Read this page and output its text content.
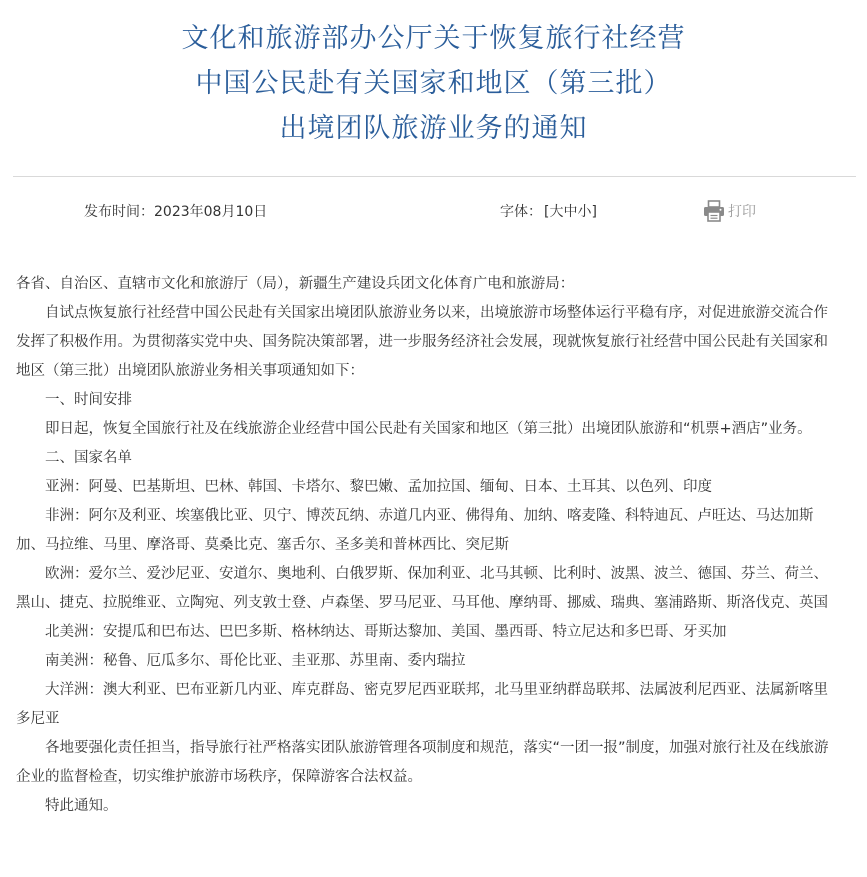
文化和旅游部办公厅关于恢复旅行社经营
中国公民赴有关国家和地区（第三批）
出境团队旅游业务的通知
发布时间：2023年08月10日	字体： [大中小]	打印

各省、自治区、直辖市文化和旅游厅（局），新疆生产建设兵团文化体育广电和旅游局：

自试点恢复旅行社经营中国公民赴有关国家出境团队旅游业务以来，出境旅游市场整体运行平稳有序，对促进旅游交流合作发挥了积极作用。为贯彻落实党中央、国务院决策部署，进一步服务经济社会发展，现就恢复旅行社经营中国公民赴有关国家和地区（第三批）出境团队旅游业务相关事项通知如下：

一、时间安排

即日起，恢复全国旅行社及在线旅游企业经营中国公民赴有关国家和地区（第三批）出境团队旅游和“机票+酒店”业务。

二、国家名单

亚洲：阿曼、巴基斯坦、巴林、韩国、卡塔尔、黎巴嫩、孟加拉国、缅甸、日本、土耳其、以色列、印度

非洲：阿尔及利亚、埃塞俄比亚、贝宁、博茨瓦纳、赤道几内亚、佛得角、加纳、喀麦隆、科特迪瓦、卢旺达、马达加斯加、马拉维、马里、摩洛哥、莫桑比克、塞舌尔、圣多美和普林西比、突尼斯

欧洲：爱尔兰、爱沙尼亚、安道尔、奥地利、白俄罗斯、保加利亚、北马其顿、比利时、波黑、波兰、德国、芬兰、荷兰、黑山、捷克、拉脱维亚、立陶宛、列支敦士登、卢森堡、罗马尼亚、马耳他、摩纳哥、挪威、瑞典、塞浦路斯、斯洛伐克、英国

北美洲：安提瓜和巴布达、巴巴多斯、格林纳达、哥斯达黎加、美国、墨西哥、特立尼达和多巴哥、牙买加

南美洲：秘鲁、厄瓜多尔、哥伦比亚、圭亚那、苏里南、委内瑞拉

大洋洲：澳大利亚、巴布亚新几内亚、库克群岛、密克罗尼西亚联邦，北马里亚纳群岛联邦、法属波利尼西亚、法属新喀里多尼亚

各地要强化责任担当，指导旅行社严格落实团队旅游管理各项制度和规范，落实“一团一报”制度，加强对旅行社及在线旅游企业的监督检查，切实维护旅游市场秩序，保障游客合法权益。

特此通知。
